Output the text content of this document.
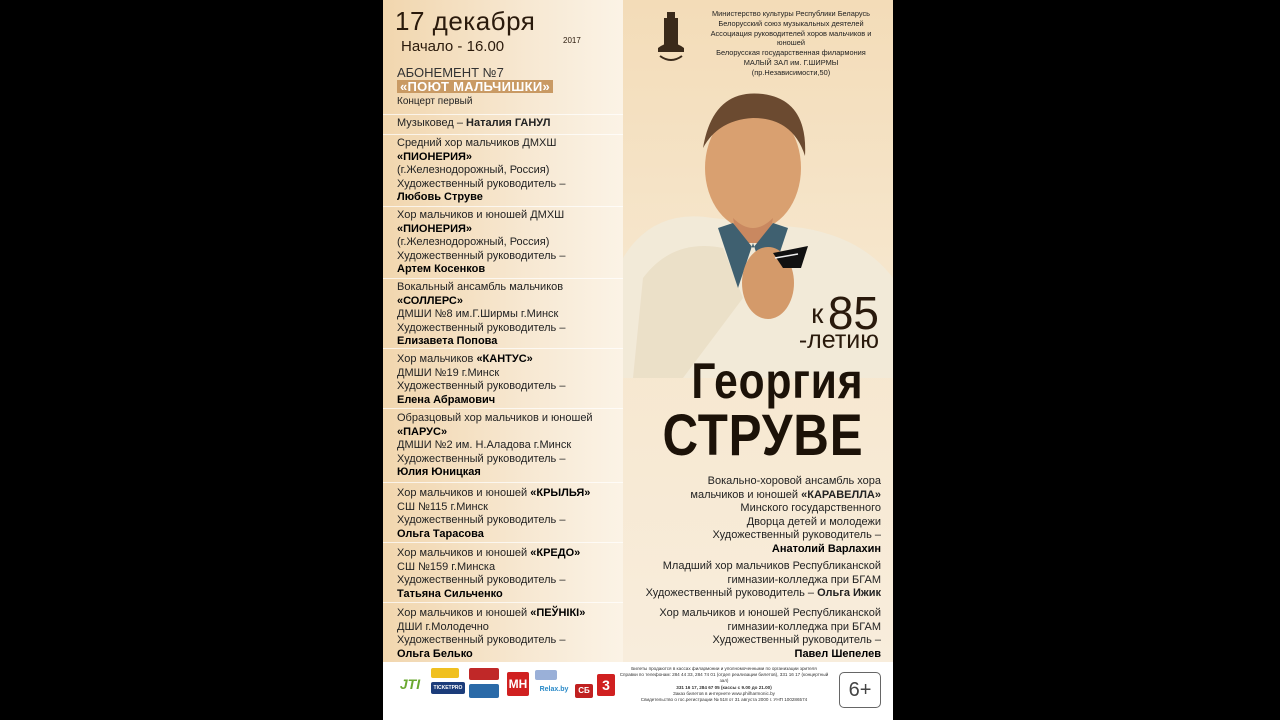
17 декабря
2017
Начало - 16.00
АБОНЕМЕНТ №7
«ПОЮТ МАЛЬЧИШКИ»
Концерт первый
Музыковед – Наталия ГАНУЛ
Средний хор мальчиков ДМХШ
«ПИОНЕРИЯ»
(г.Железнодорожный, Россия)
Художественный руководитель –
Любовь Струве
Хор мальчиков и юношей ДМХШ
«ПИОНЕРИЯ»
(г.Железнодорожный, Россия)
Художественный руководитель –
Артем Косенков
Вокальный ансамбль мальчиков
«СОЛЛЕРС»
ДМШИ №8 им.Г.Ширмы г.Минск
Художественный руководитель –
Елизавета Попова
Хор мальчиков «КАНТУС»
ДМШИ №19 г.Минск
Художественный руководитель –
Елена Абрамович
Образцовый хор мальчиков и юношей
«ПАРУС»
ДМШИ №2 им. Н.Аладова г.Минск
Художественный руководитель –
Юлия Юницкая
Хор мальчиков и юношей «КРЫЛЬЯ»
СШ №115 г.Минск
Художественный руководитель –
Ольга Тарасова
Хор мальчиков и юношей «КРЕДО»
СШ №159 г.Минска
Художественный руководитель –
Татьяна Сильченко
Хор мальчиков и юношей «ПЕЎНІКІ»
ДШИ г.Молодечно
Художественный руководитель –
Ольга Белько
Министерство культуры Республики Беларусь
Белорусский союз музыкальных деятелей
Ассоциация руководителей хоров мальчиков и юношей
Белорусская государственная филармония
МАЛЫЙ ЗАЛ им. Г.ШИРМЫ
(пр.Независимости,50)
к 85
-летию
Георгия
СТРУВЕ
Вокально-хоровой ансамбль хора
мальчиков и юношей «КАРАВЕЛЛА»
Минского государственного
Дворца детей и молодежи
Художественный руководитель –
Анатолий Варлахин
Младший хор мальчиков Республиканской
гимназии-колледжа при БГАМ
Художественный руководитель – Ольга Ижик
Хор мальчиков и юношей Республиканской
гимназии-колледжа при БГАМ
Художественный руководитель –
Павел Шепелев
JTI	TICKETPRO	МН	Relax.by	СБ 3
Билеты продаются в кассах филармонии и уполномоченными по организации зрителя
Справки по телефонам: 284 44 33, 284 74 01 (отдел реализации билетов), 331 16 17 (концертный зал)
331 16 17, 284 67 05 (кассы с 9.00 до 21.00)
Заказ билетов в интернете www.philharmonic.by
Свидетельство о гос.регистрации № 518 от 31 августа 2000 г. УНП 100286574	6+
